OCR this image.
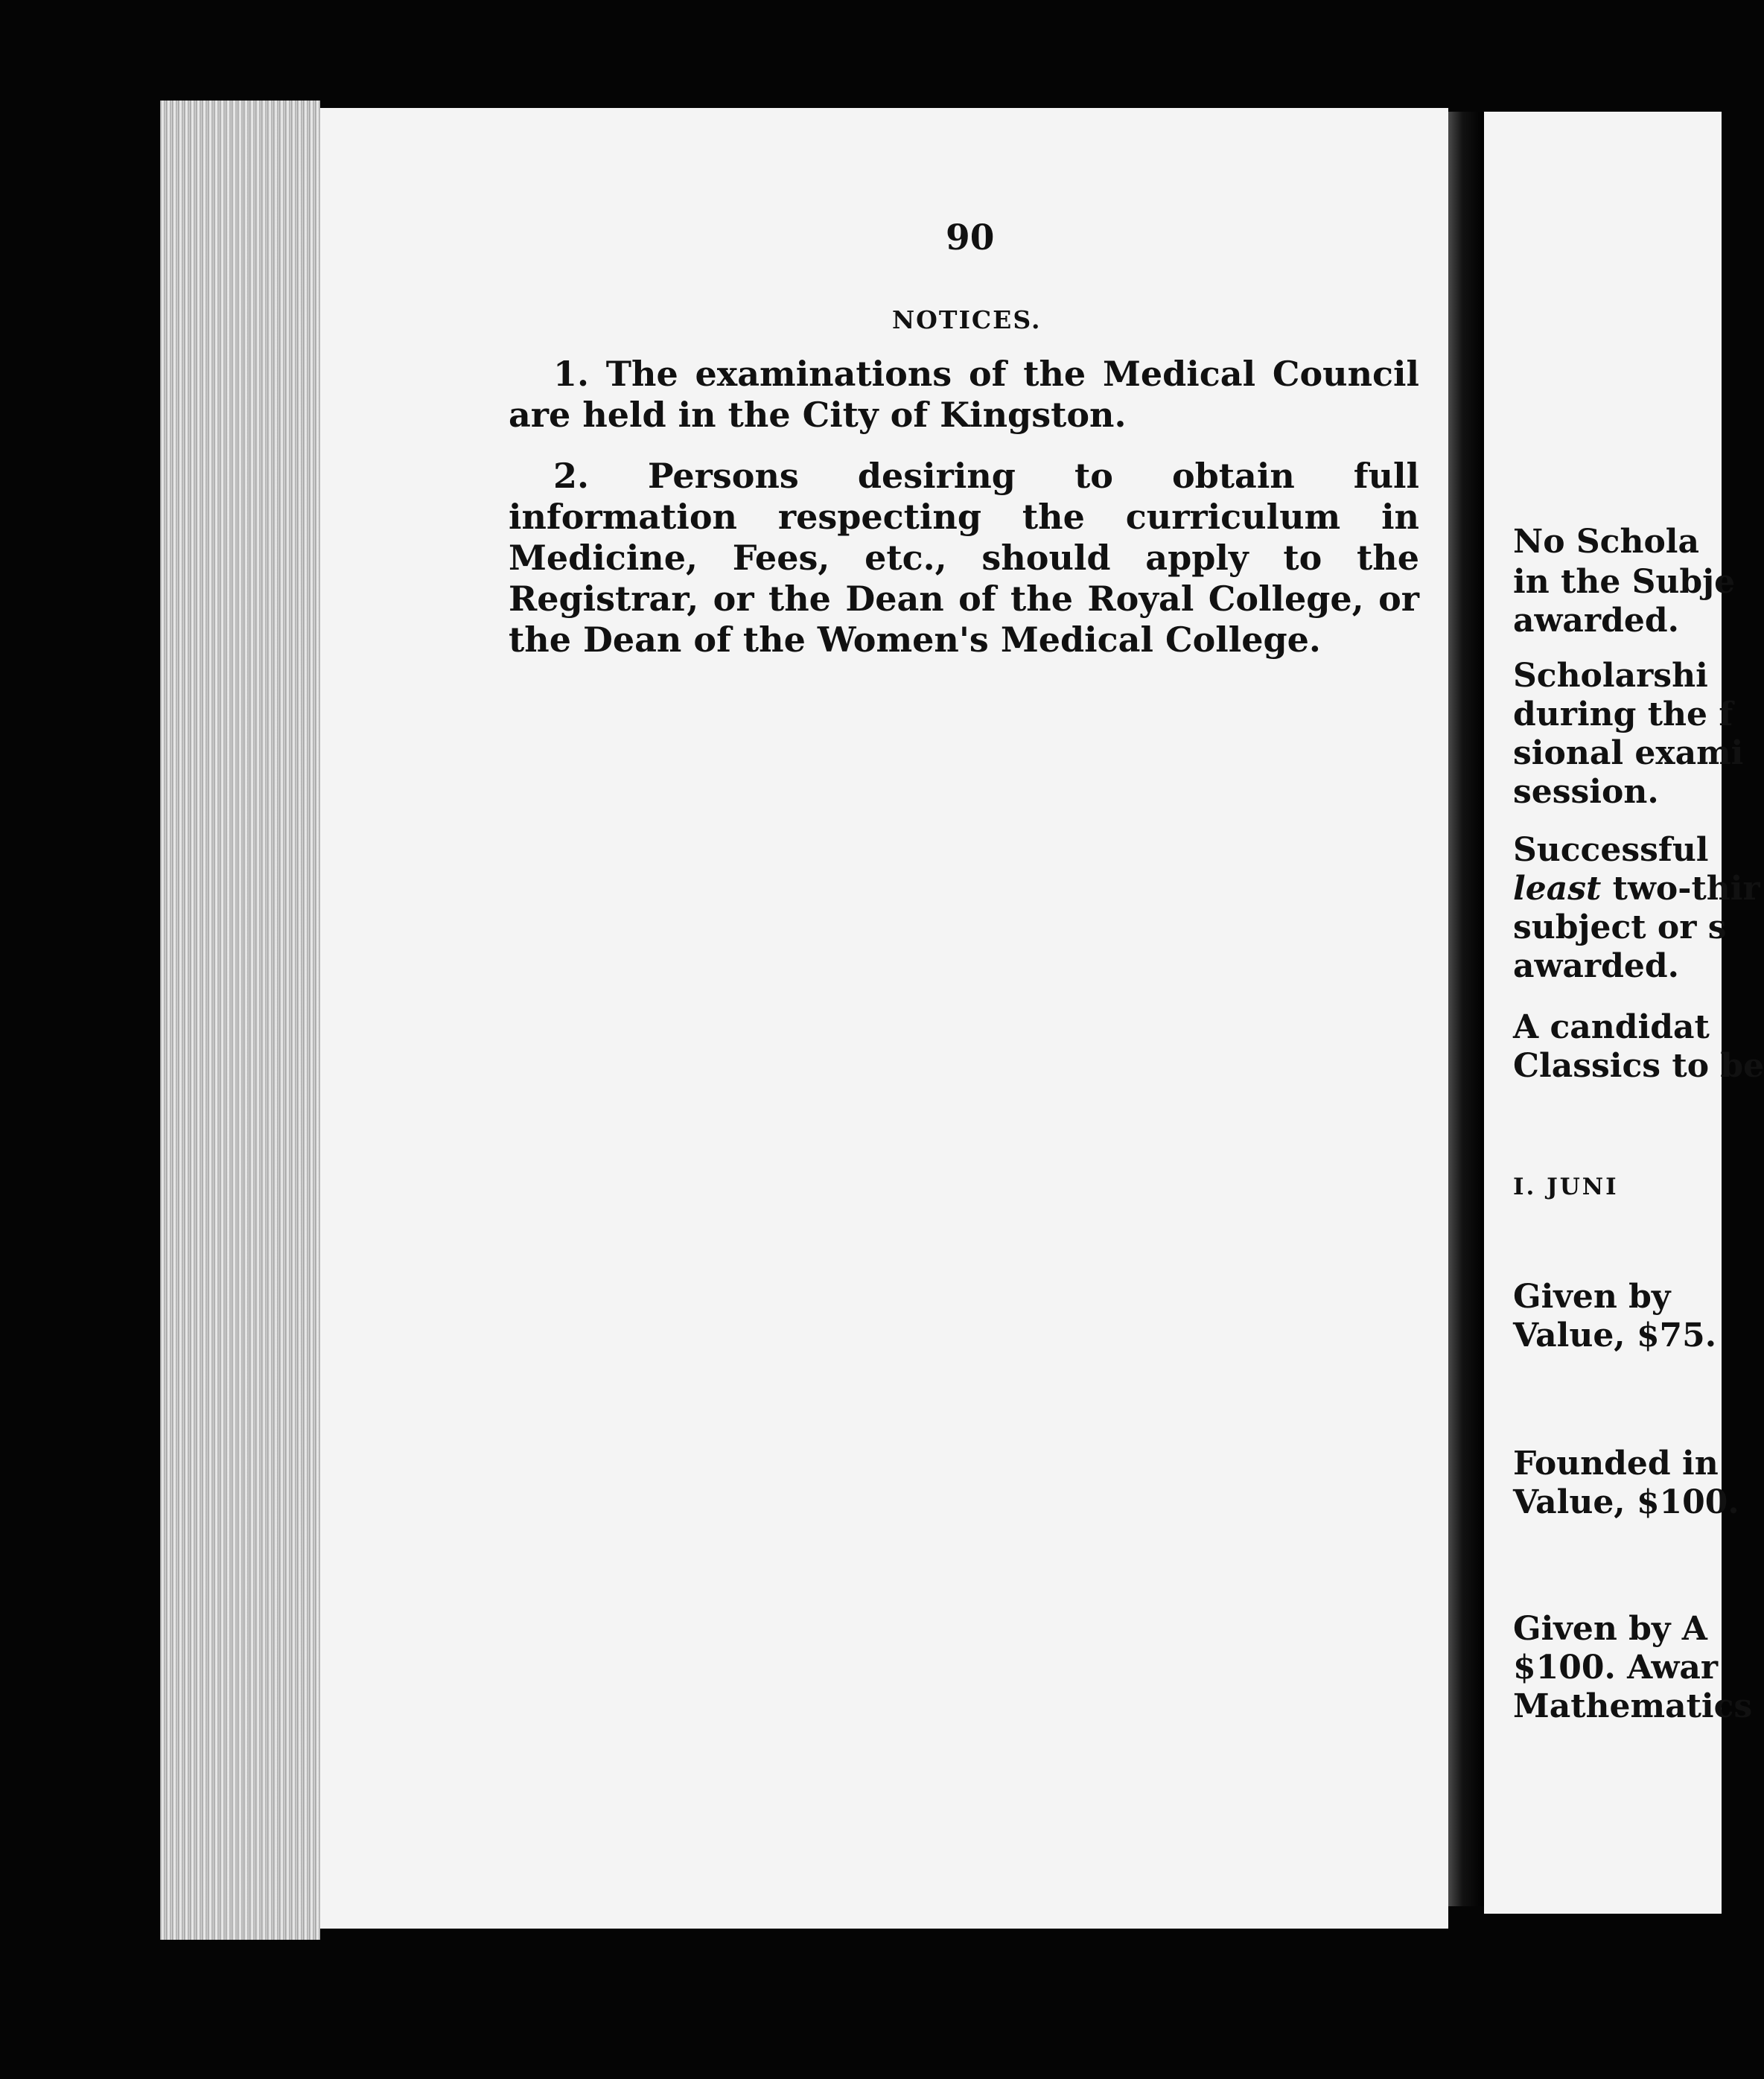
90
NOTICES.

1. The examinations of the Medical Council are held in the City of Kingston.

2. Persons desiring to obtain full information respecting the curriculum in Medicine, Fees, etc., should apply to the Registrar, or the Dean of the Royal College, or the Dean of the Women's Medical College.

No Schola
in the Subje
awarded.
Scholarshi
during the f
sional exami
session.
Successful
least two-thir
subject or s
awarded.
A candidat
Classics to be
I. JUNI
Given by
Value, $75.
Founded in
Value, $100.
Given by A
$100. Awar
Mathematics
